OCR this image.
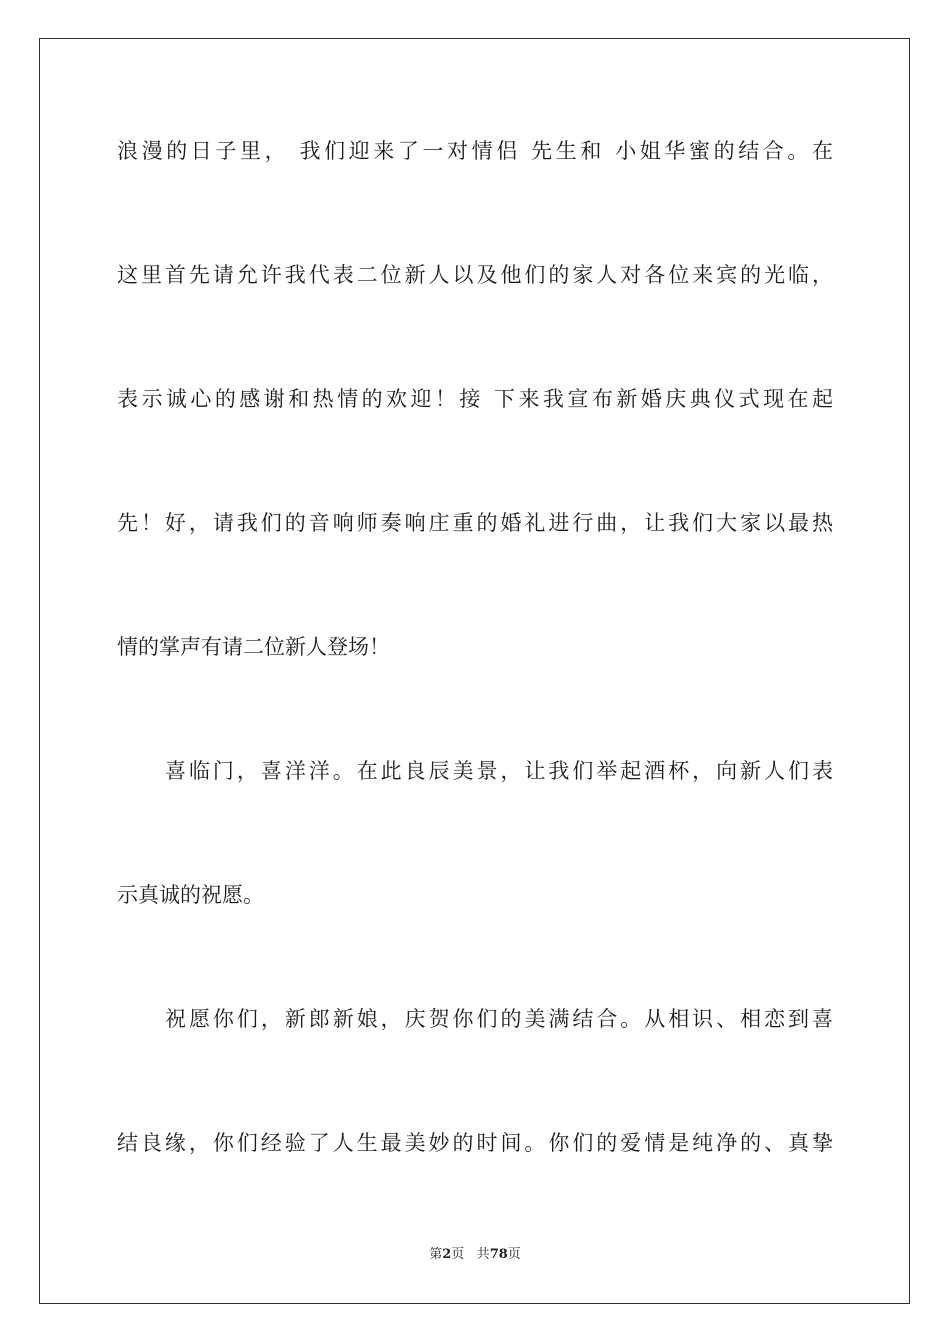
浪漫的日子里， 我们迎来了一对情侣 先生和 小姐华蜜的结合。在
这里首先请允许我代表二位新人以及他们的家人对各位来宾的光临，
表示诚心的感谢和热情的欢迎！接 下来我宣布新婚庆典仪式现在起
先！好，请我们的音响师奏响庄重的婚礼进行曲，让我们大家以最热
情的掌声有请二位新人登场！
喜临门，喜洋洋。在此良辰美景，让我们举起酒杯，向新人们表
示真诚的祝愿。
祝愿你们，新郎新娘，庆贺你们的美满结合。从相识、相恋到喜
结良缘，你们经验了人生最美妙的时间。你们的爱情是纯净的、真挚
第2页 共78页
